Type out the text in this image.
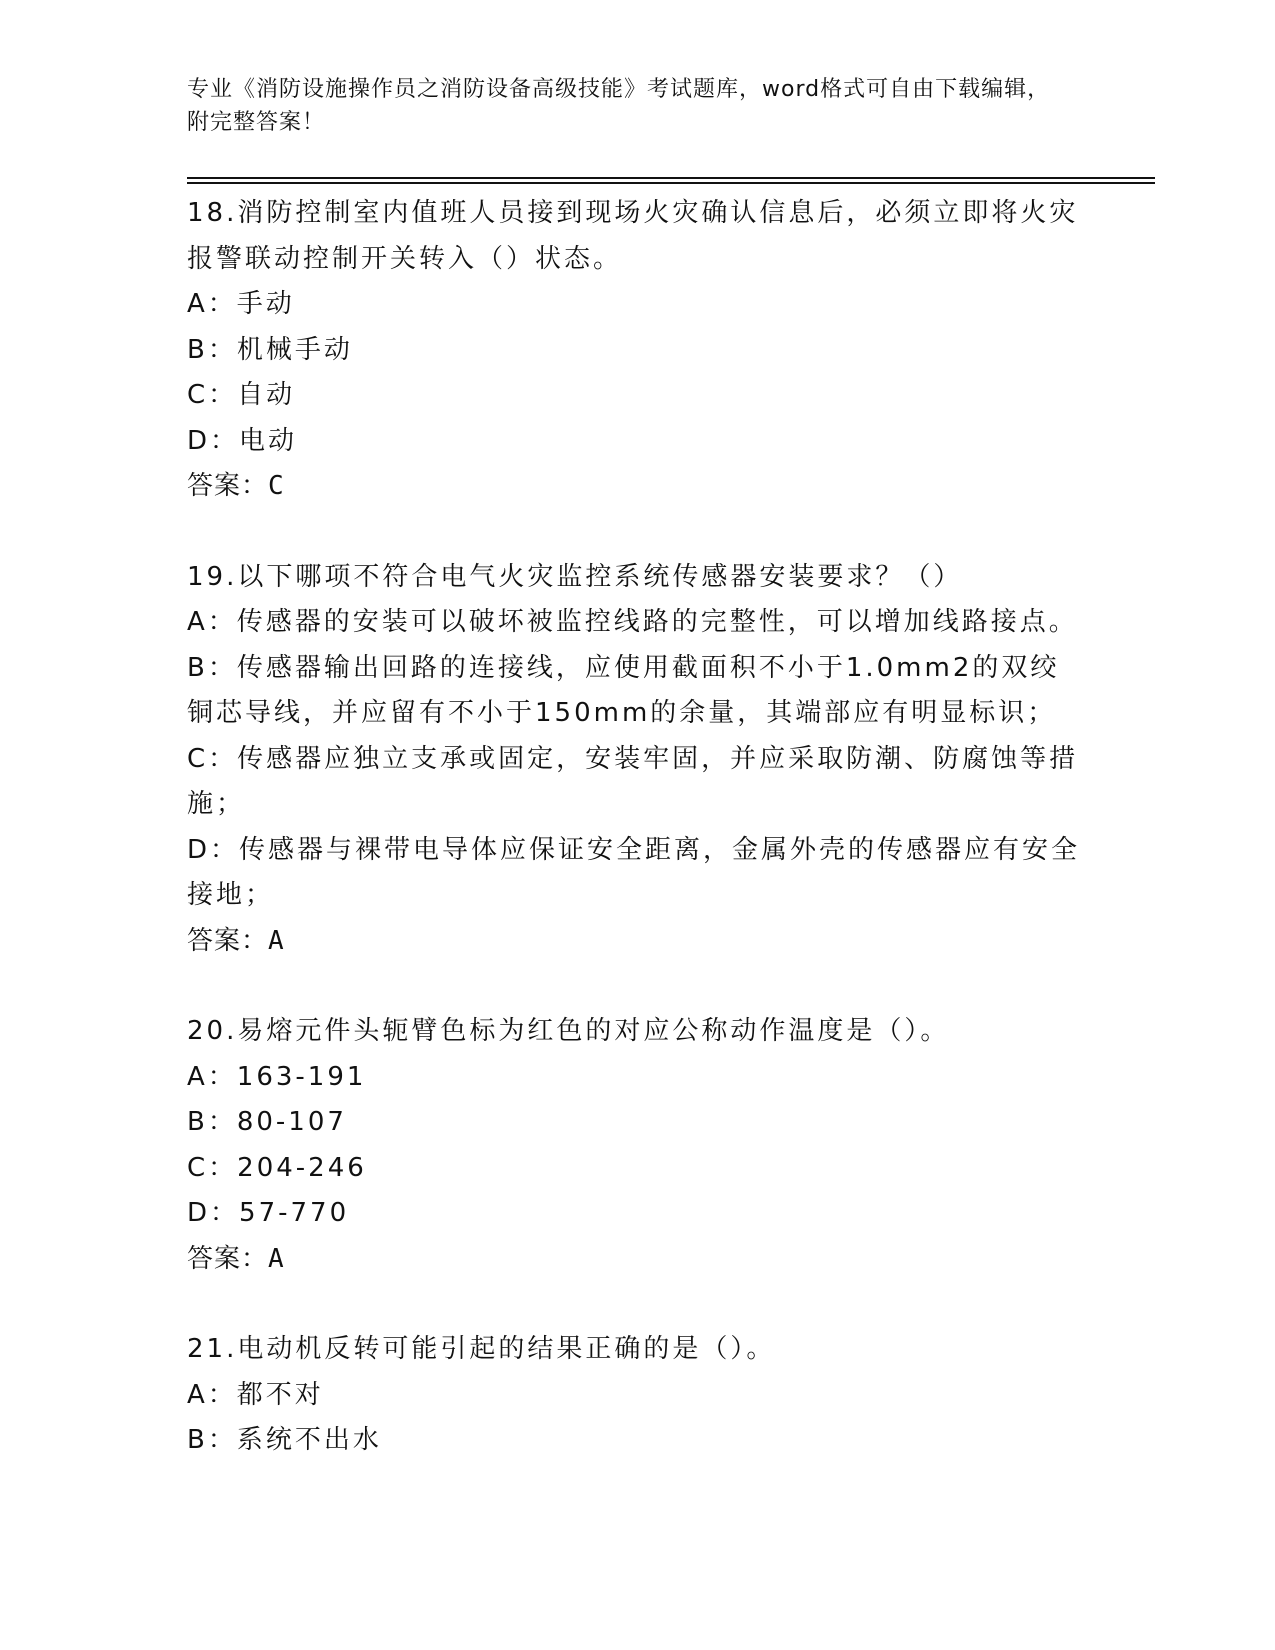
专业《消防设施操作员之消防设备高级技能》考试题库，word格式可自由下载编辑，附完整答案！
18.消防控制室内值班人员接到现场火灾确认信息后，必须立即将火灾报警联动控制开关转入（）状态。
A：手动
B：机械手动
C：自动
D：电动
答案：C
19.以下哪项不符合电气火灾监控系统传感器安装要求？（）
A：传感器的安装可以破坏被监控线路的完整性，可以增加线路接点。
B：传感器输出回路的连接线，应使用截面积不小于1.0mm2的双绞铜芯导线，并应留有不小于150mm的余量，其端部应有明显标识；
C：传感器应独立支承或固定，安装牢固，并应采取防潮、防腐蚀等措施；
D：传感器与裸带电导体应保证安全距离，金属外壳的传感器应有安全接地；
答案：A
20.易熔元件头轭臂色标为红色的对应公称动作温度是（）。
A：163-191
B：80-107
C：204-246
D：57-770
答案：A
21.电动机反转可能引起的结果正确的是（）。
A：都不对
B：系统不出水
